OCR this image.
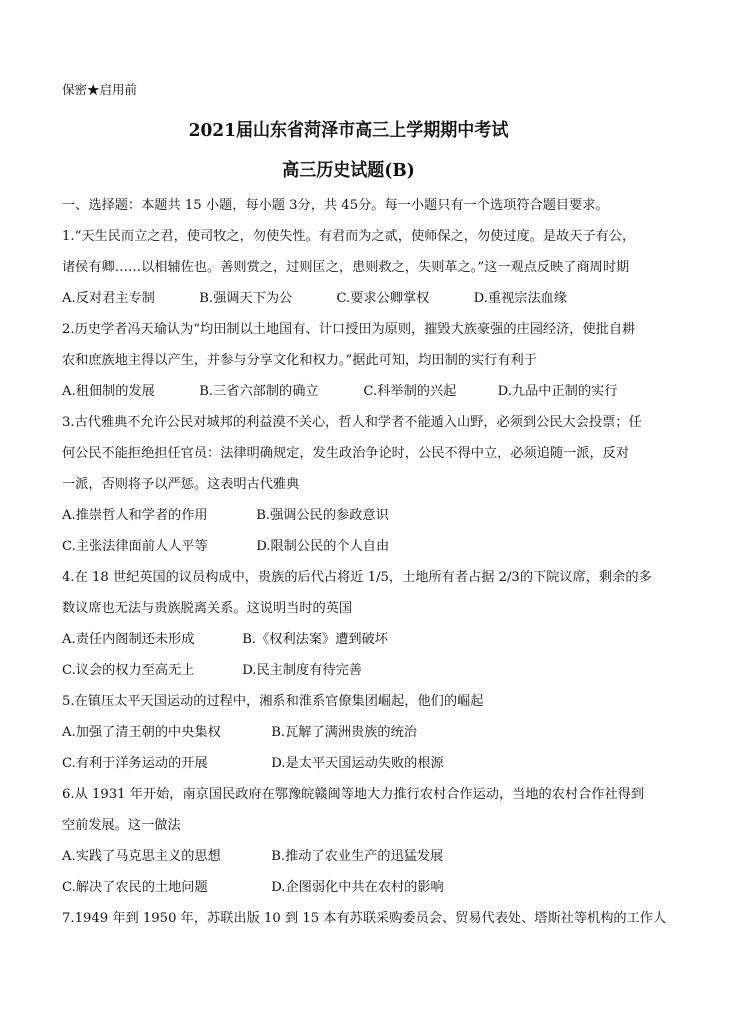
保密★启用前
2021届山东省菏泽市高三上学期期中考试
高三历史试题(B)
一、选择题：本题共 15 小题，每小题 3分，共 45分。每一小题只有一个选项符合题目要求。
1.“天生民而立之君，使司牧之，勿使失性。有君而为之贰，使师保之，勿使过度。是故天子有公，
诸侯有卿……以相辅佐也。善则赏之，过则匡之，患则救之，失则革之。”这一观点反映了商周时期
A.反对君主专制	B.强调天下为公	C.要求公卿掌权	D.重视宗法血缘
2.历史学者冯天瑜认为“均田制以土地国有、计口授田为原则，摧毁大族豪强的庄园经济，使批自耕
农和庶族地主得以产生，并参与分享文化和权力。”据此可知，均田制的实行有利于
A.租佃制的发展	B.三省六部制的确立	C.科举制的兴起	D.九品中正制的实行
3.古代雅典不允许公民对城邦的利益漠不关心，哲人和学者不能遁入山野，必须到公民大会投票；任
何公民不能拒绝担任官员：法律明确规定，发生政治争论时，公民不得中立，必须追随一派，反对
一派，否则将予以严惩。这表明古代雅典
A.推崇哲人和学者的作用	B.强调公民的参政意识
C.主张法律面前人人平等	D.限制公民的个人自由
4.在 18 世纪英国的议员构成中，贵族的后代占将近 1/5，土地所有者占据 2/3的下院议席，剩余的多
数议席也无法与贵族脱离关系。这说明当时的英国
A.责任内阁制还未形成	B.《权利法案》遭到破坏
C.议会的权力至高无上	D.民主制度有待完善
5.在镇压太平天国运动的过程中，湘系和淮系官僚集团崛起，他们的崛起
A.加强了清王朝的中央集权	B.瓦解了满洲贵族的统治
C.有利于洋务运动的开展	D.是太平天国运动失败的根源
6.从 1931 年开始，南京国民政府在鄂豫皖赣闽等地大力推行农村合作运动，当地的农村合作社得到
空前发展。这一做法
A.实践了马克思主义的思想	B.推动了农业生产的迅猛发展
C.解决了农民的土地问题	D.企图弱化中共在农村的影响
7.1949 年到 1950 年，苏联出版 10 到 15 本有苏联采购委员会、贸易代表处、塔斯社等机构的工作人
